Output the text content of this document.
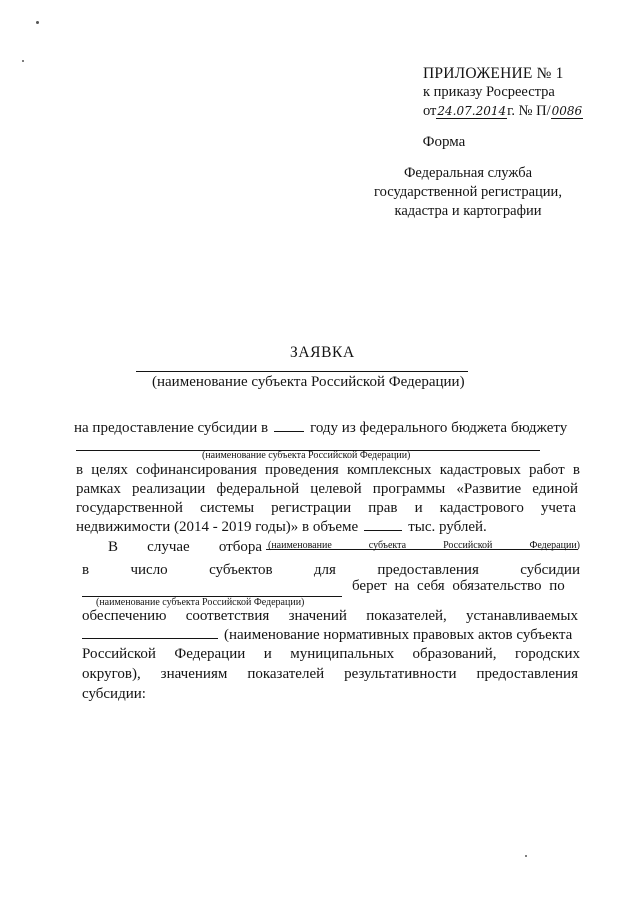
ПРИЛОЖЕНИЕ № 1
к приказу Росреестра
от24.07.2014г. № П/0086
Форма
Федеральная служба
государственной регистрации,
кадастра и картографии
ЗАЯВКА
(наименование субъекта Российской Федерации)
на предоставление субсидии в	году из федерального бюджета бюджету
(наименование субъекта Российской Федерации)
в целях софинансирования проведения комплексных кадастровых работ в
рамках реализации федеральной целевой программы «Развитие единой
государственной системы регистрации прав и кадастрового учета
недвижимости (2014 - 2019 годы)» в объеме	тыс. рублей.
В случае отбора (наименование	субъекта	Российской	Федерации)
в	число	субъектов	для	предоставления	субсидии
берет на себя обязательство по
(наименование субъекта Российской Федерации)
обеспечению соответствия значений показателей, устанавливаемых
(наименование нормативных правовых актов субъекта
Российской Федерации и муниципальных образований, городских
округов), значениям показателей результативности предоставления
субсидии:
